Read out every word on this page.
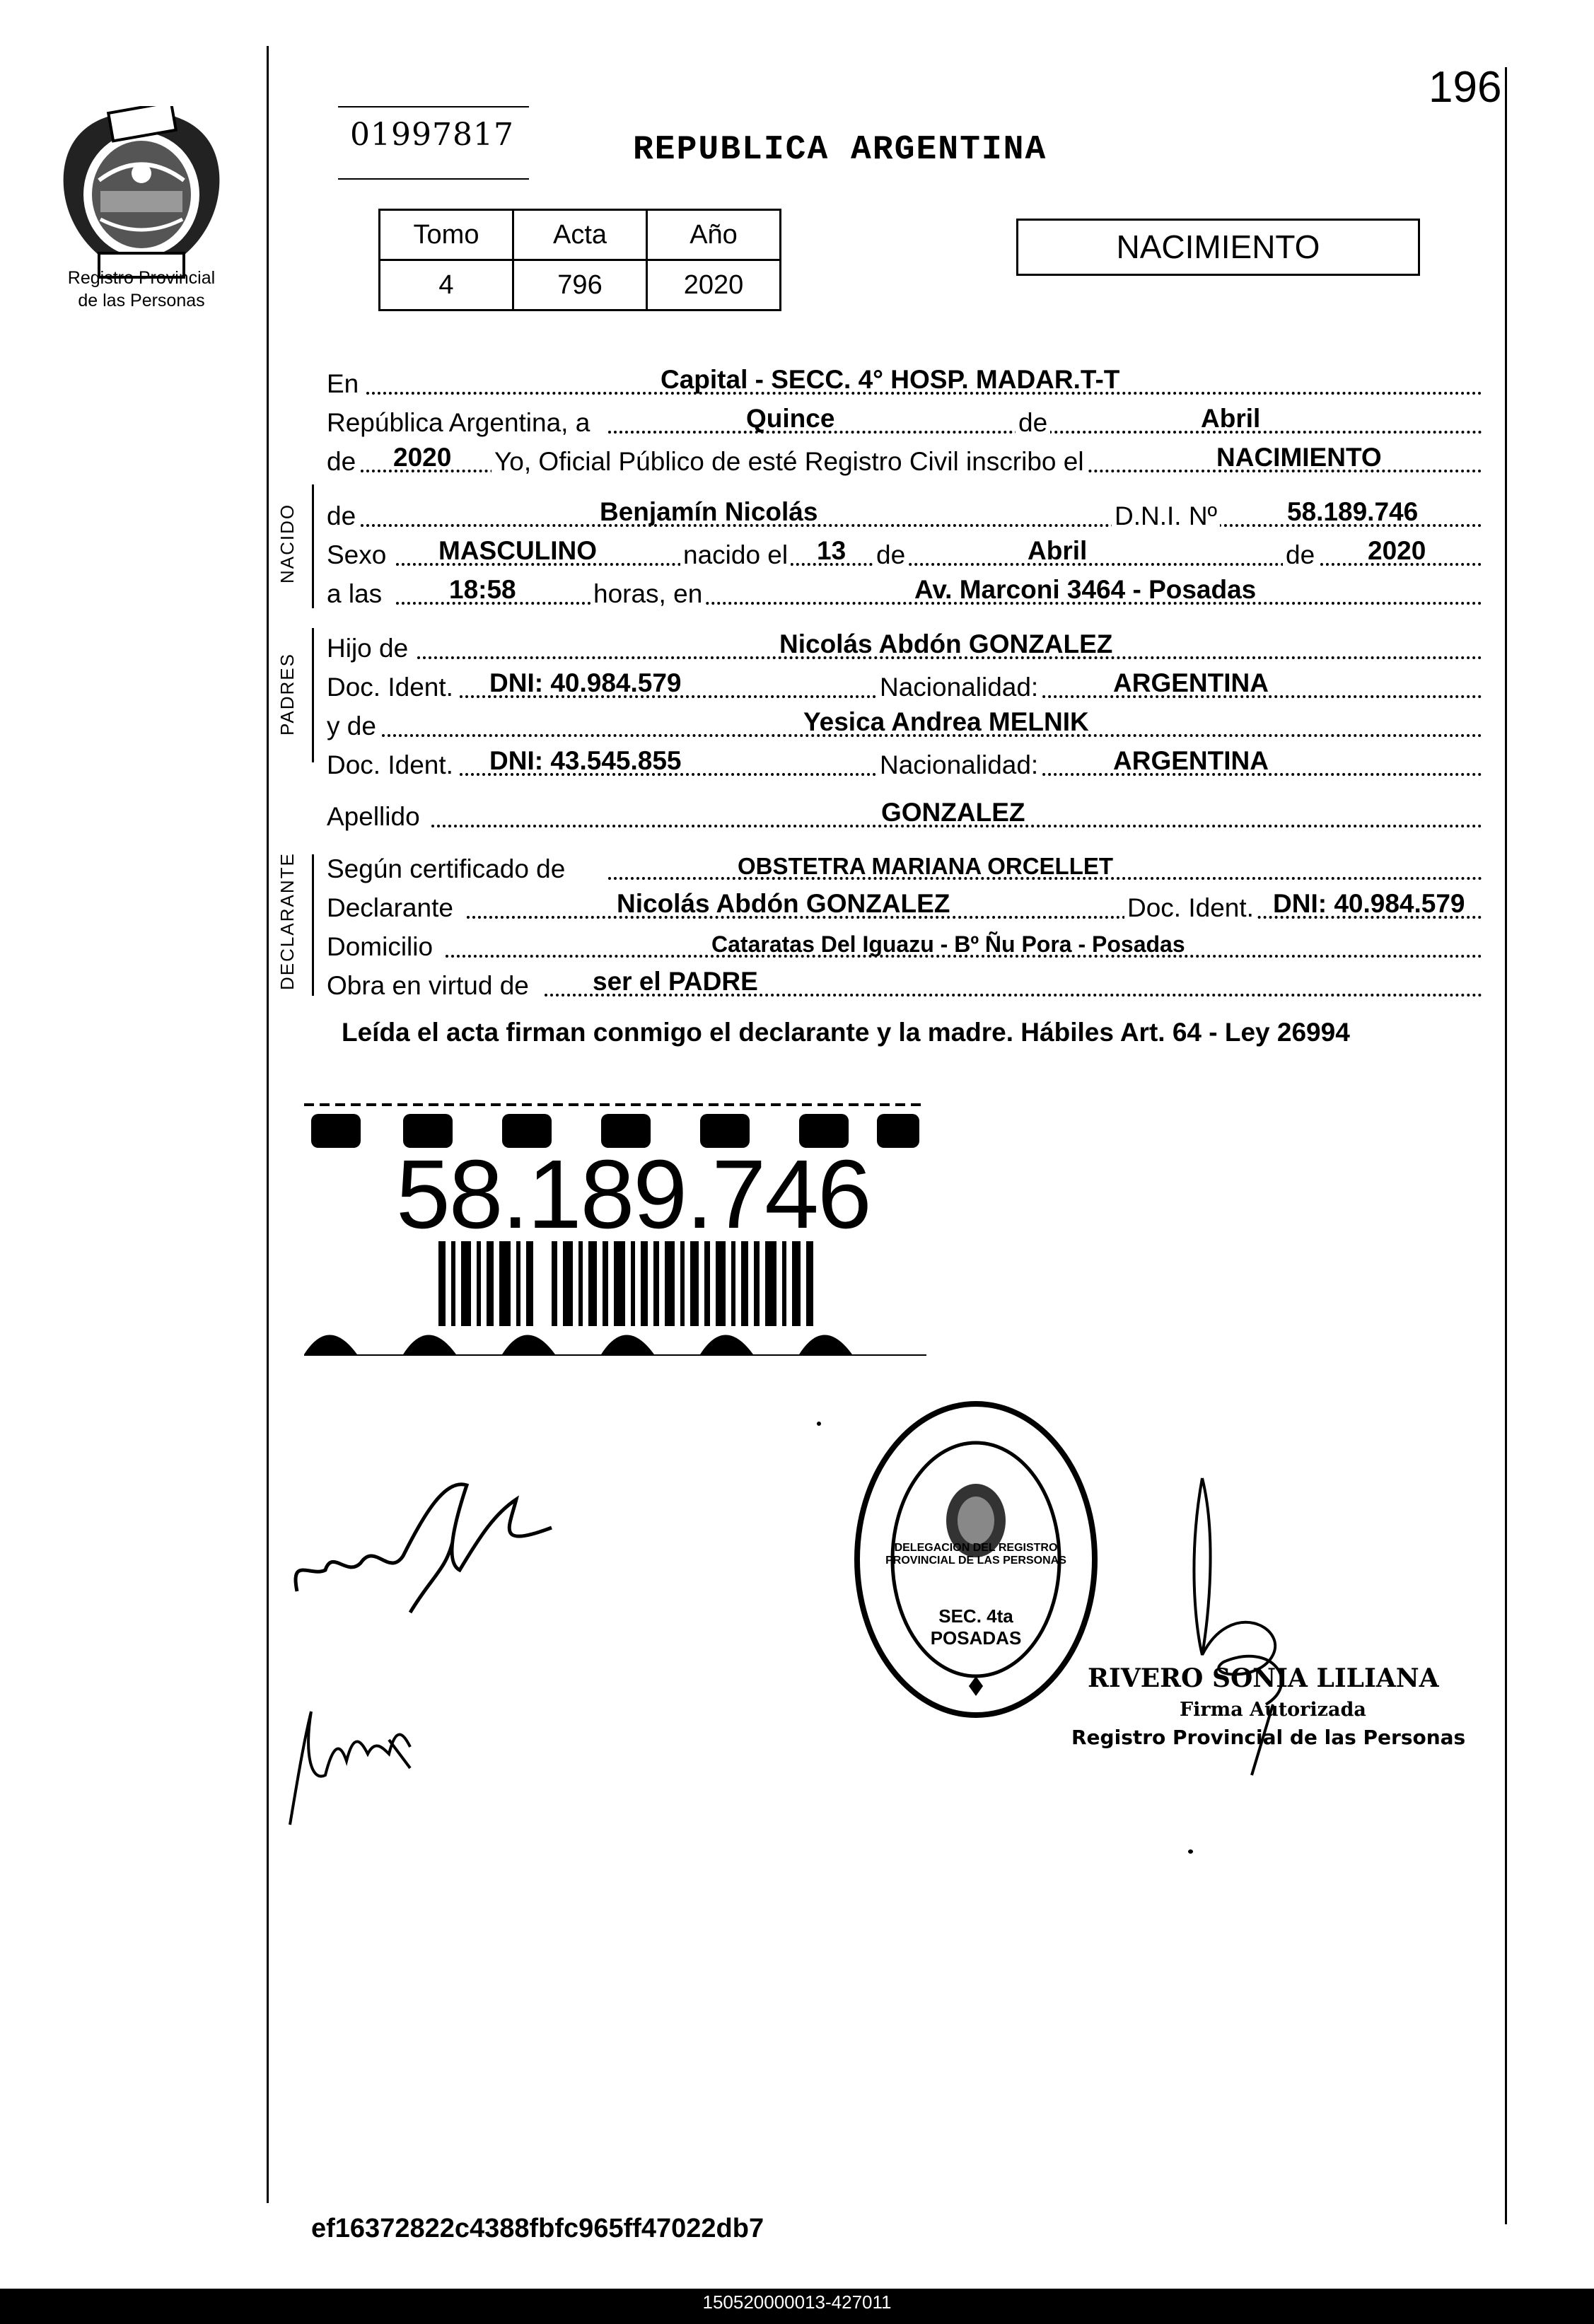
Registro Provincial
de las Personas
196
01997817	REPUBLICA ARGENTINA
Tomo	Acta	Año
4	796	2020
NACIMIENTO
En	Capital - SECC. 4° HOSP. MADAR.T-T
República Argentina, a	Quince	de	Abril
de 2020 Yo, Oficial Público de esté Registro Civil inscribo el	NACIMIENTO
NACIDO de	Benjamín Nicolás	D.N.I. Nº	58.189.746
Sexo MASCULINO	nacido el 13 de	Abril	de 2020
a las	18:58	horas, en	Av. Marconi 3464 - Posadas
PADRES
Hijo de	Nicolás Abdón GONZALEZ
Doc. Ident. DNI: 40.984.579	Nacionalidad:	ARGENTINA
y de	Yesica Andrea MELNIK
Doc. Ident. DNI: 43.545.855	Nacionalidad:	ARGENTINA
Apellido	GONZALEZ
DECLARANTE Según certificado de	OBSTETRA MARIANA ORCELLET
Declarante	Nicolás Abdón GONZALEZ	Doc. Ident. DNI: 40.984.579
Domicilio	Cataratas Del Iguazu - Bº Ñu Pora - Posadas
Obra en virtud de ser el PADRE
Leída el acta firman conmigo el declarante y la madre. Hábiles Art. 64 - Ley 26994
58.189.746
DELEGACION DEL REGISTRO PROVINCIAL DE LAS PERSONAS
SEC. 4ta POSADAS
RIVERO SONIA LILIANA
Firma Autorizada
Registro Provincial de las Personas
ef16372822c4388fbfc965ff47022db7
150520000013-427011
